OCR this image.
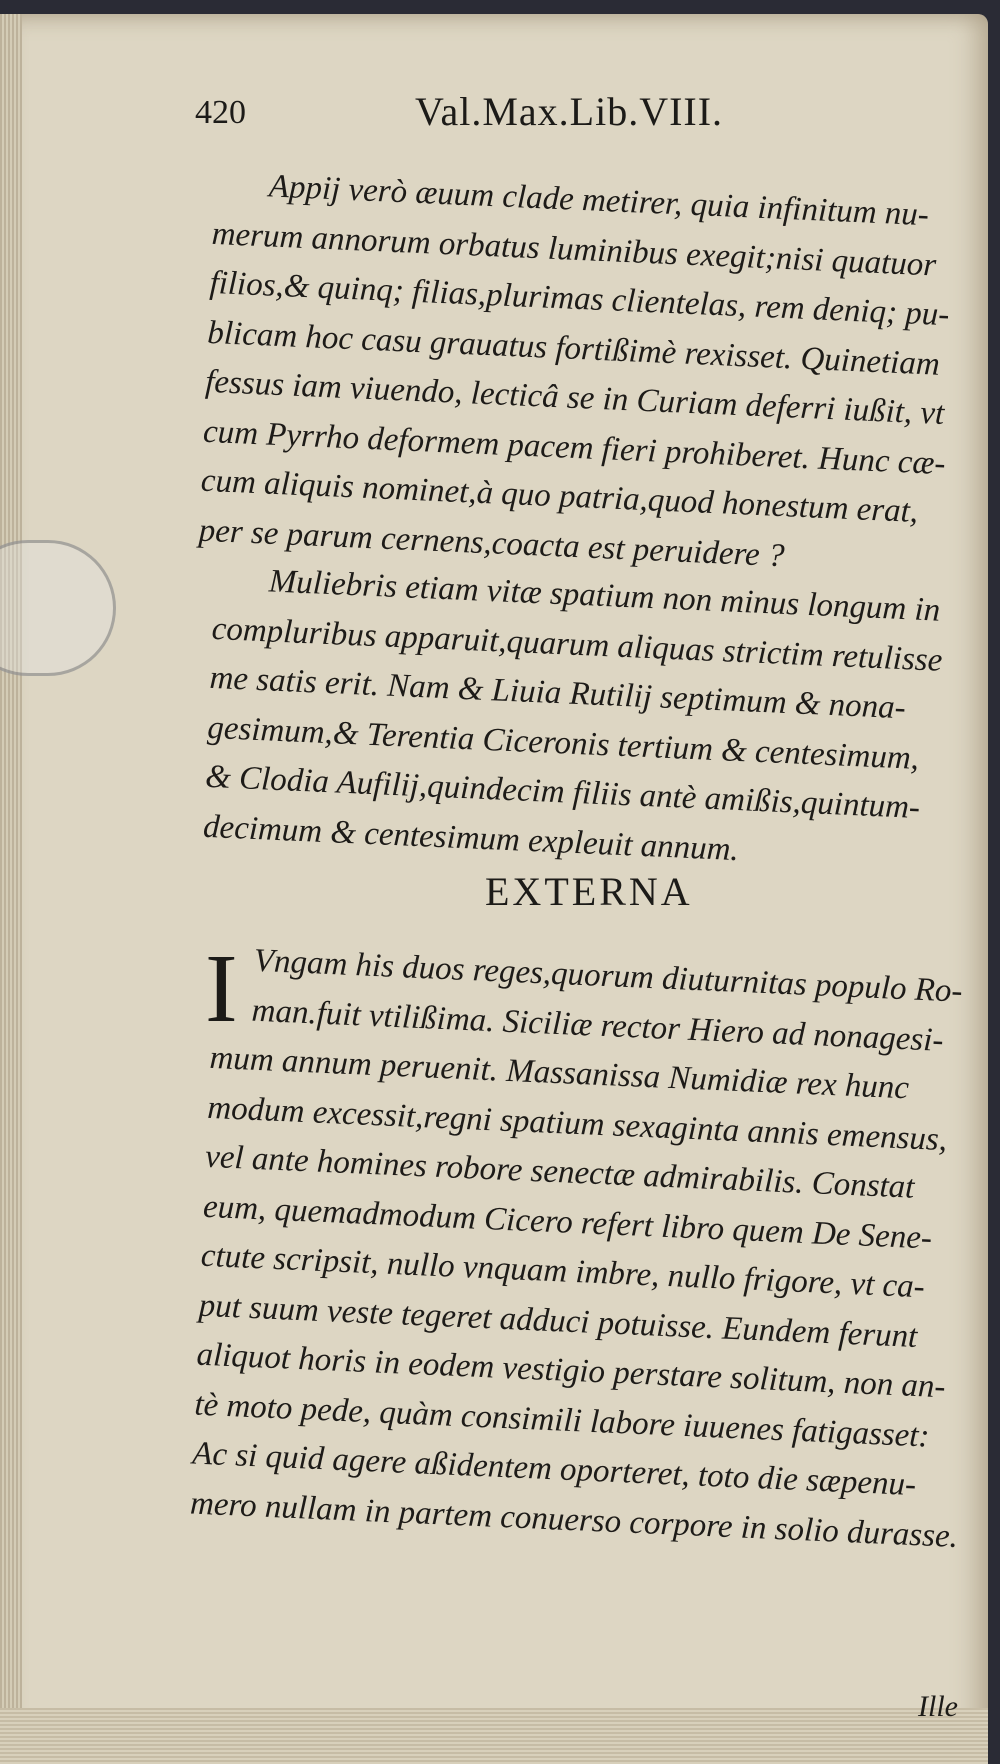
420	Val.Max.Lib.VIII.
Appij verò æuum clade metirer, quia infinitum nu-
merum annorum orbatus luminibus exegit;nisi quatuor
filios,& quinq; filias,plurimas clientelas, rem deniq; pu-
blicam hoc casu grauatus fortißimè rexisset. Quinetiam
fessus iam viuendo, lecticâ se in Curiam deferri iußit, vt
cum Pyrrho deformem pacem fieri prohiberet. Hunc cæ-
cum aliquis nominet,à quo patria,quod honestum erat,
per se parum cernens,coacta est peruidere ?
Muliebris etiam vitæ spatium non minus longum in
compluribus apparuit,quarum aliquas strictim retulisse
me satis erit. Nam & Liuia Rutilij septimum & nona-
gesimum,& Terentia Ciceronis tertium & centesimum,
& Clodia Aufilij,quindecim filiis antè amißis,quintum-
decimum & centesimum expleuit annum.
EXTERNA
I Vngam his duos reges,quorum diuturnitas populo Ro-
man.fuit vtilißima. Siciliæ rector Hiero ad nonagesi-
mum annum peruenit. Massanissa Numidiæ rex hunc
modum excessit,regni spatium sexaginta annis emensus,
vel ante homines robore senectæ admirabilis. Constat
eum, quemadmodum Cicero refert libro quem De Sene-
ctute scripsit, nullo vnquam imbre, nullo frigore, vt ca-
put suum veste tegeret adduci potuisse. Eundem ferunt
aliquot horis in eodem vestigio perstare solitum, non an-
tè moto pede, quàm consimili labore iuuenes fatigasset:
Ac si quid agere aßidentem oporteret, toto die sæpenu-
mero nullam in partem conuerso corpore in solio durasse.
Ille
